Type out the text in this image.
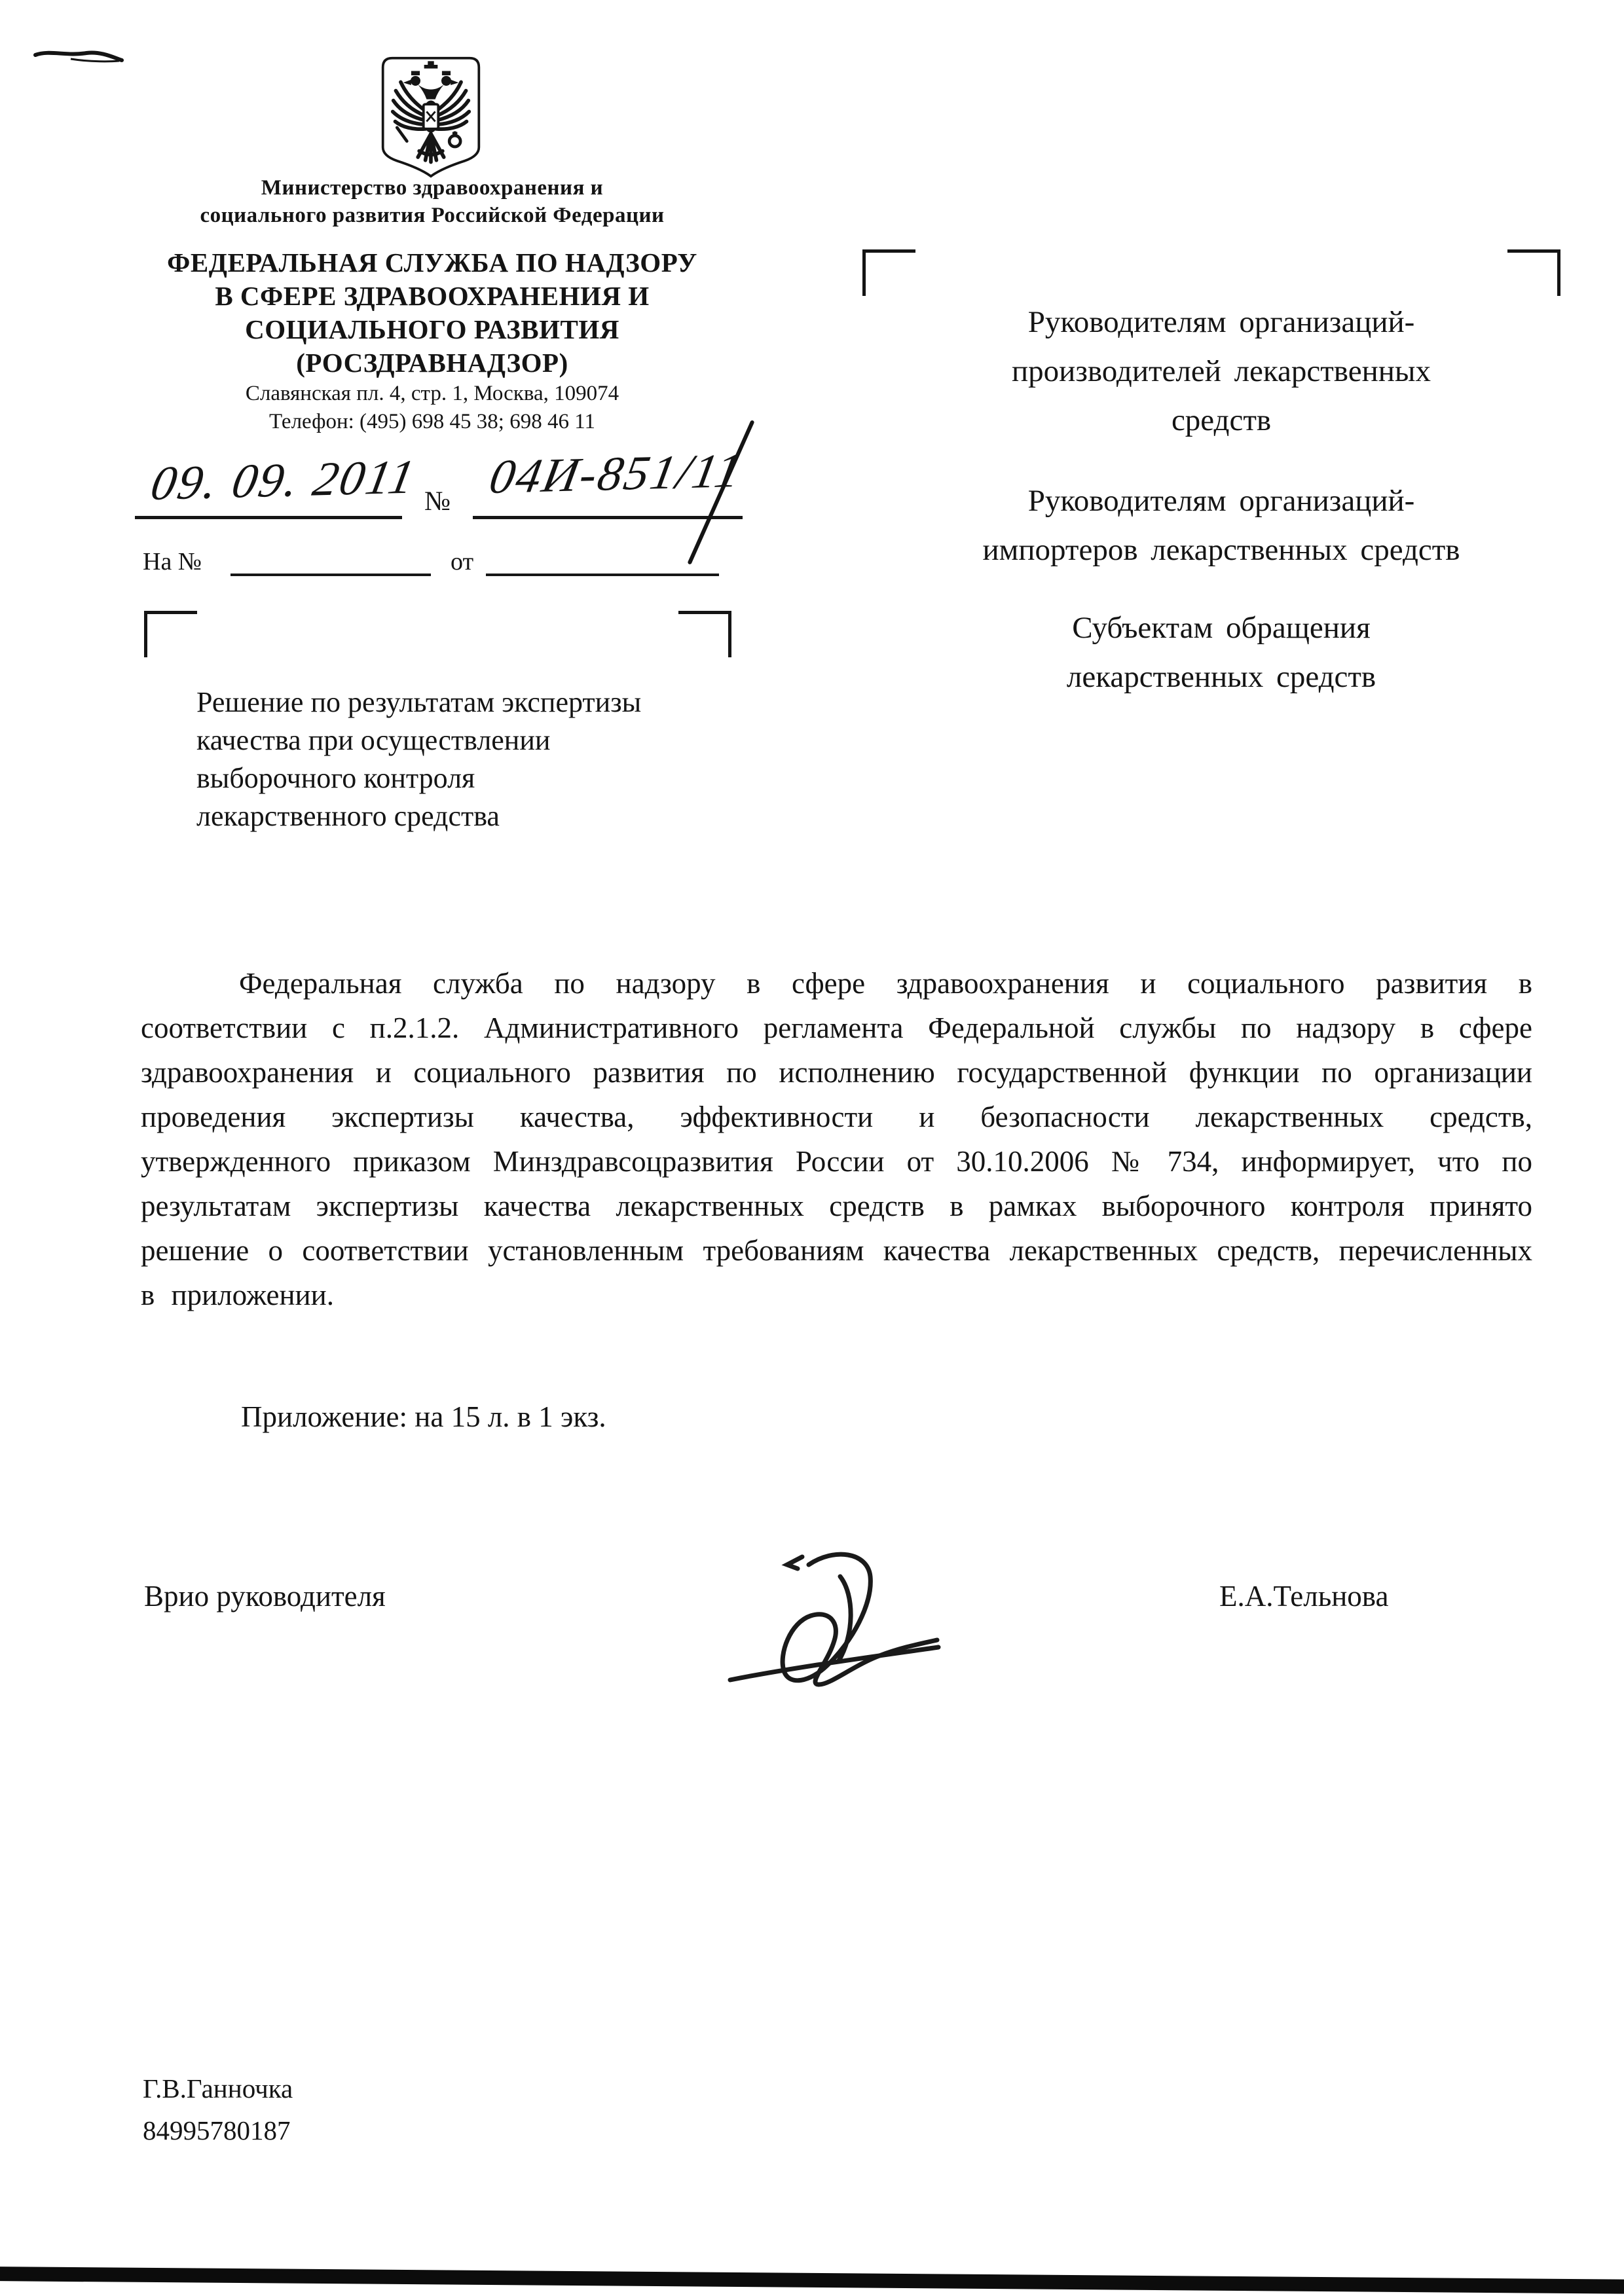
Министерство здравоохранения и
социального развития Российской Федерации
ФЕДЕРАЛЬНАЯ СЛУЖБА ПО НАДЗОРУ
В СФЕРЕ ЗДРАВООХРАНЕНИЯ И
СОЦИАЛЬНОГО РАЗВИТИЯ
(РОСЗДРАВНАДЗОР)
Славянская пл. 4, стр. 1, Москва, 109074
Телефон: (495) 698 45 38; 698 46 11
09. 09. 2011 № 04И-851/11
На №	от
Руководителям организаций-
производителей лекарственных
средств
Руководителям организаций-
импортеров лекарственных средств
Субъектам обращения
лекарственных средств
Решение по результатам экспертизы
качества при осуществлении
выборочного контроля
лекарственного средства
Федеральная служба по надзору в сфере здравоохранения и социального развития в соответствии с п.2.1.2. Административного регламента Федеральной службы по надзору в сфере здравоохранения и социального развития по исполнению государственной функции по организации проведения экспертизы качества, эффективности и безопасности лекарственных средств, утвержденного приказом Минздравсоцразвития России от 30.10.2006 № 734, информирует, что по результатам экспертизы качества лекарственных средств в рамках выборочного контроля принято решение о соответствии установленным требованиям качества лекарственных средств, перечисленных в приложении.
Приложение: на 15 л. в 1 экз.
Врио руководителя	Е.А.Тельнова
Г.В.Ганночка
84995780187
